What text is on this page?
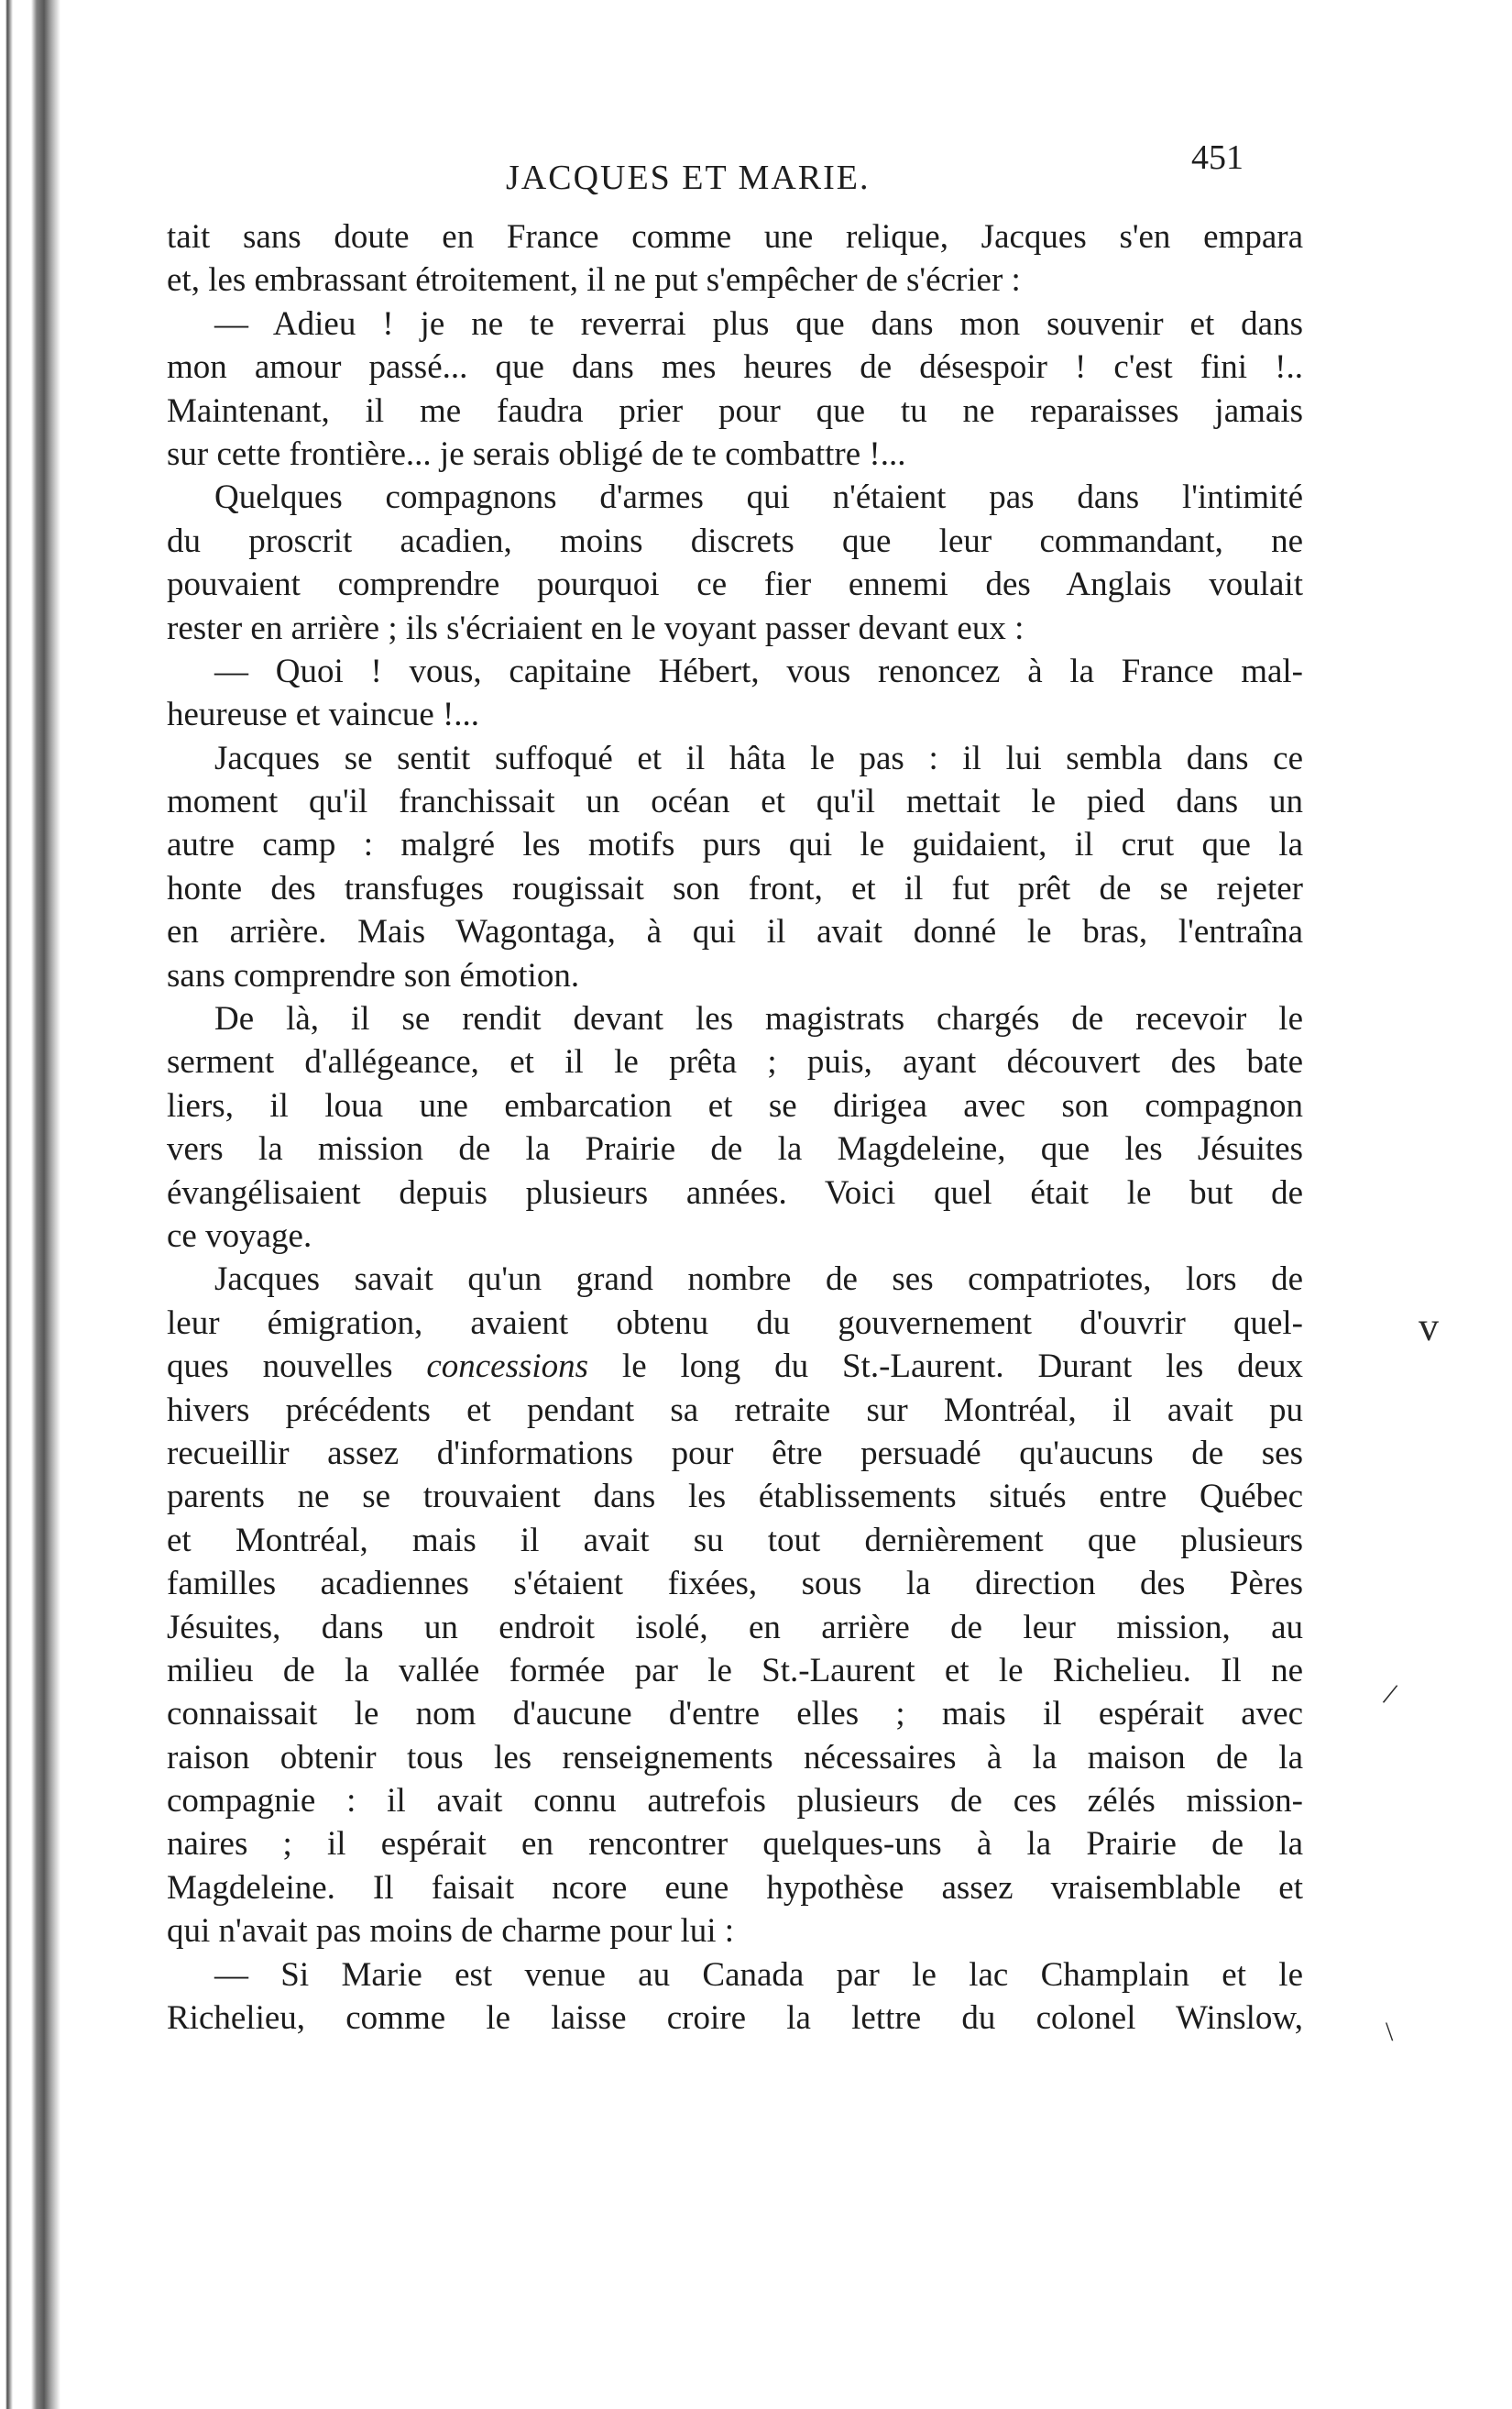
JACQUES ET MARIE.
451
tait sans doute en France comme une relique, Jacques s'en empara
et, les embrassant étroitement, il ne put s'empêcher de s'écrier :
— Adieu ! je ne te reverrai plus que dans mon souvenir et dans
mon amour passé... que dans mes heures de désespoir ! c'est fini !..
Maintenant, il me faudra prier pour que tu ne reparaisses jamais
sur cette frontière... je serais obligé de te combattre !...
Quelques compagnons d'armes qui n'étaient pas dans l'intimité
du proscrit acadien, moins discrets que leur commandant, ne
pouvaient comprendre pourquoi ce fier ennemi des Anglais voulait
rester en arrière ; ils s'écriaient en le voyant passer devant eux :
— Quoi ! vous, capitaine Hébert, vous renoncez à la France mal-
heureuse et vaincue !...
Jacques se sentit suffoqué et il hâta le pas : il lui sembla dans ce
moment qu'il franchissait un océan et qu'il mettait le pied dans un
autre camp : malgré les motifs purs qui le guidaient, il crut que la
honte des transfuges rougissait son front, et il fut prêt de se rejeter
en arrière. Mais Wagontaga, à qui il avait donné le bras, l'entraîna
sans comprendre son émotion.
De là, il se rendit devant les magistrats chargés de recevoir le
serment d'allégeance, et il le prêta ; puis, ayant découvert des bate
liers, il loua une embarcation et se dirigea avec son compagnon
vers la mission de la Prairie de la Magdeleine, que les Jésuites
évangélisaient depuis plusieurs années. Voici quel était le but de
ce voyage.
Jacques savait qu'un grand nombre de ses compatriotes, lors de
leur émigration, avaient obtenu du gouvernement d'ouvrir quel-
ques nouvelles concessions le long du St.-Laurent. Durant les deux
hivers précédents et pendant sa retraite sur Montréal, il avait pu
recueillir assez d'informations pour être persuadé qu'aucuns de ses
parents ne se trouvaient dans les établissements situés entre Québec
et Montréal, mais il avait su tout dernièrement que plusieurs
familles acadiennes s'étaient fixées, sous la direction des Pères
Jésuites, dans un endroit isolé, en arrière de leur mission, au
milieu de la vallée formée par le St.-Laurent et le Richelieu. Il ne
connaissait le nom d'aucune d'entre elles ; mais il espérait avec
raison obtenir tous les renseignements nécessaires à la maison de la
compagnie : il avait connu autrefois plusieurs de ces zélés mission-
naires ; il espérait en rencontrer quelques-uns à la Prairie de la
Magdeleine. Il faisait ncore eune hypothèse assez vraisemblable et
qui n'avait pas moins de charme pour lui :
— Si Marie est venue au Canada par le lac Champlain et le
Richelieu, comme le laisse croire la lettre du colonel Winslow,
v
/
\
